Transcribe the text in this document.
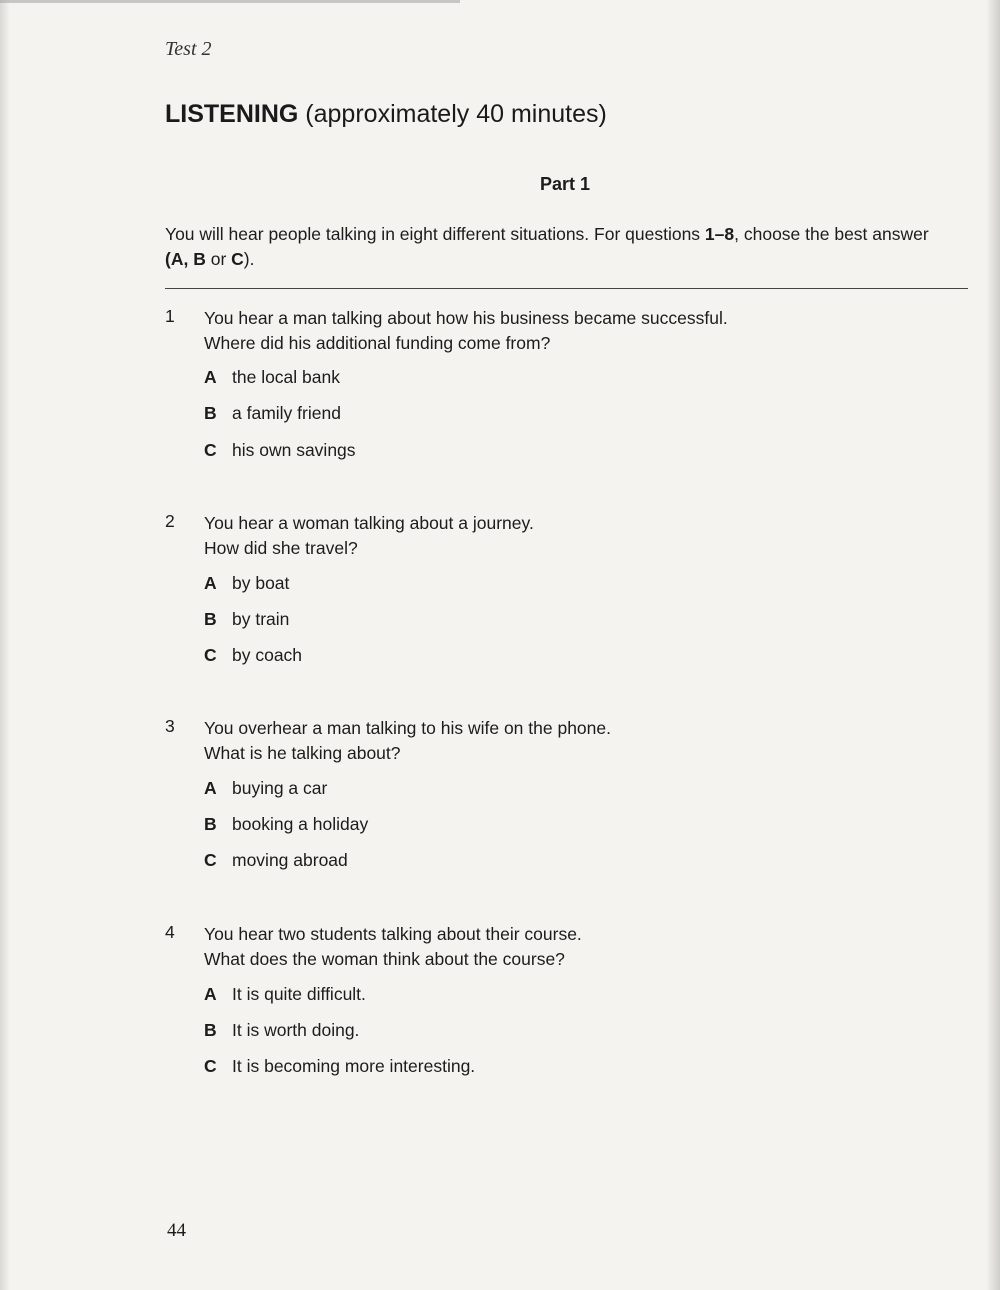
Test 2
LISTENING (approximately 40 minutes)
Part 1
You will hear people talking in eight different situations. For questions 1–8, choose the best answer
(A, B or C).
1 You hear a man talking about how his business became successful.
Where did his additional funding come from?
A the local bank
B a family friend
C his own savings
2 You hear a woman talking about a journey.
How did she travel?
A by boat
B by train
C by coach
3 You overhear a man talking to his wife on the phone.
What is he talking about?
A buying a car
B booking a holiday
C moving abroad
4 You hear two students talking about their course.
What does the woman think about the course?
A It is quite difficult.
B It is worth doing.
C It is becoming more interesting.
44
